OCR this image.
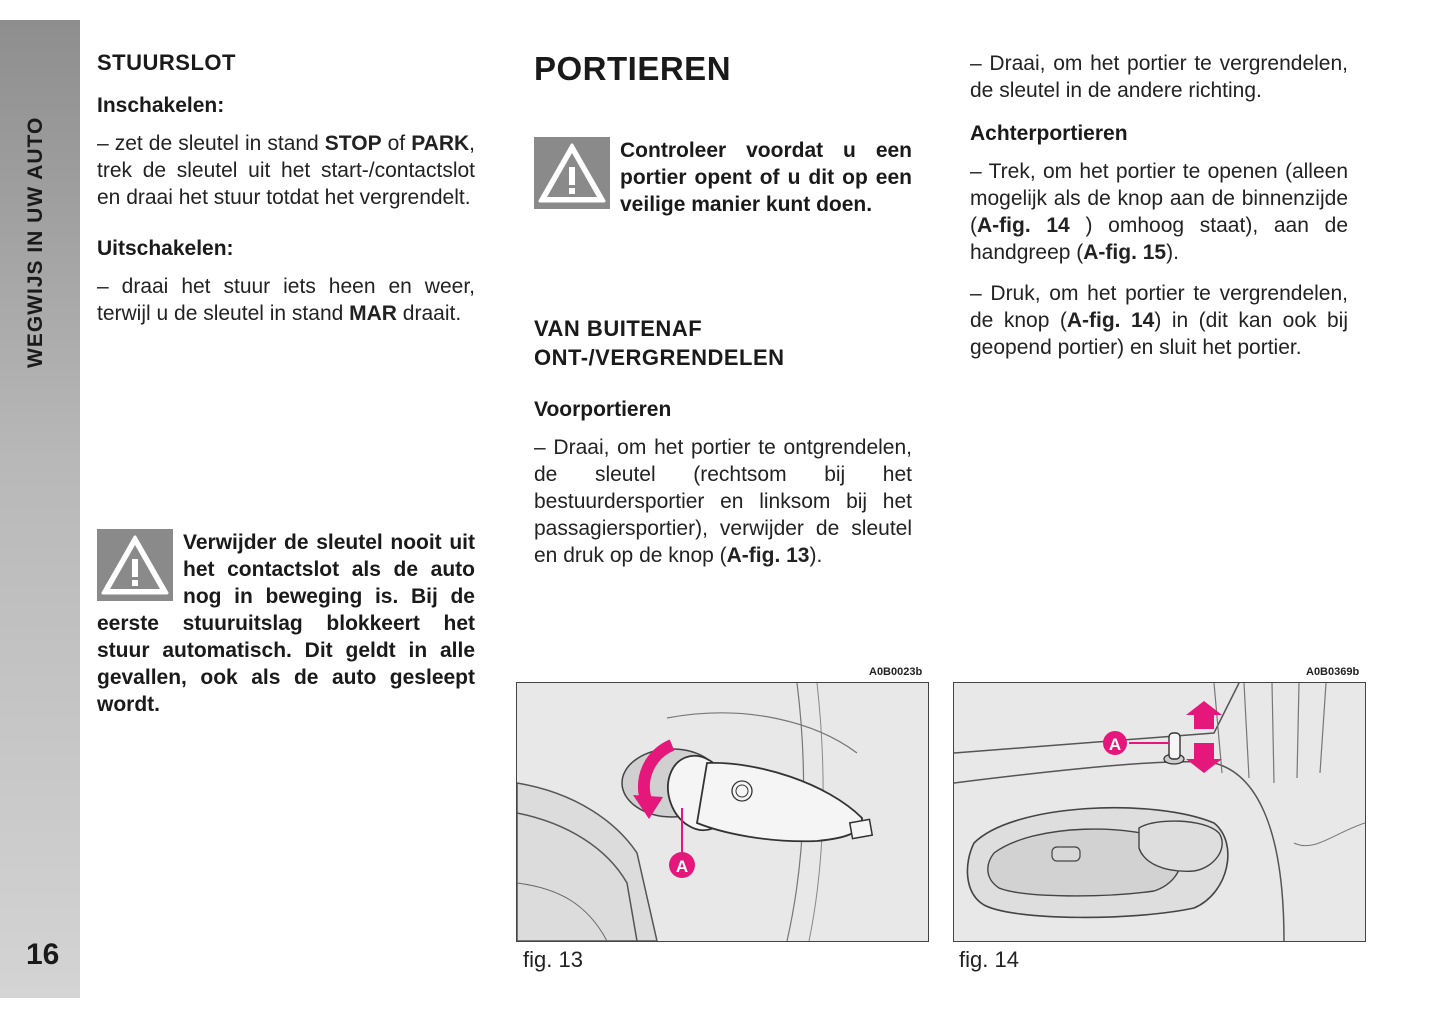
WEGWIJS IN UW AUTO
16
STUURSLOT
Inschakelen:

– zet de sleutel in stand STOP of PARK, trek de sleutel uit het start-/contactslot en draai het stuur totdat het vergrendelt.

Uitschakelen:

– draai het stuur iets heen en weer, terwijl u de sleutel in stand MAR draait.

Verwijder de sleutel nooit uit het contactslot als de auto nog in beweging is. Bij de eerste stuuruitslag blokkeert het stuur automatisch. Dit geldt in alle gevallen, ook als de auto gesleept wordt.
PORTIEREN
Controleer voordat u een portier opent of u dit op een veilige manier kunt doen.
VAN BUITENAF ONT-/VERGRENDELEN
Voorportieren

– Draai, om het portier te ontgrendelen, de sleutel (rechtsom bij het bestuurdersportier en linksom bij het passagiersportier), verwijder de sleutel en druk op de knop (A-fig. 13).

– Draai, om het portier te vergrendelen, de sleutel in de andere richting.

Achterportieren

– Trek, om het portier te openen (alleen mogelijk als de knop aan de binnenzijde (A-fig. 14 ) omhoog staat), aan de handgreep (A-fig. 15).

– Druk, om het portier te vergrendelen, de knop (A-fig. 14) in (dit kan ook bij geopend portier) en sluit het portier.

A0B0023b
A
fig. 13
A0B0369b
A
fig. 14
